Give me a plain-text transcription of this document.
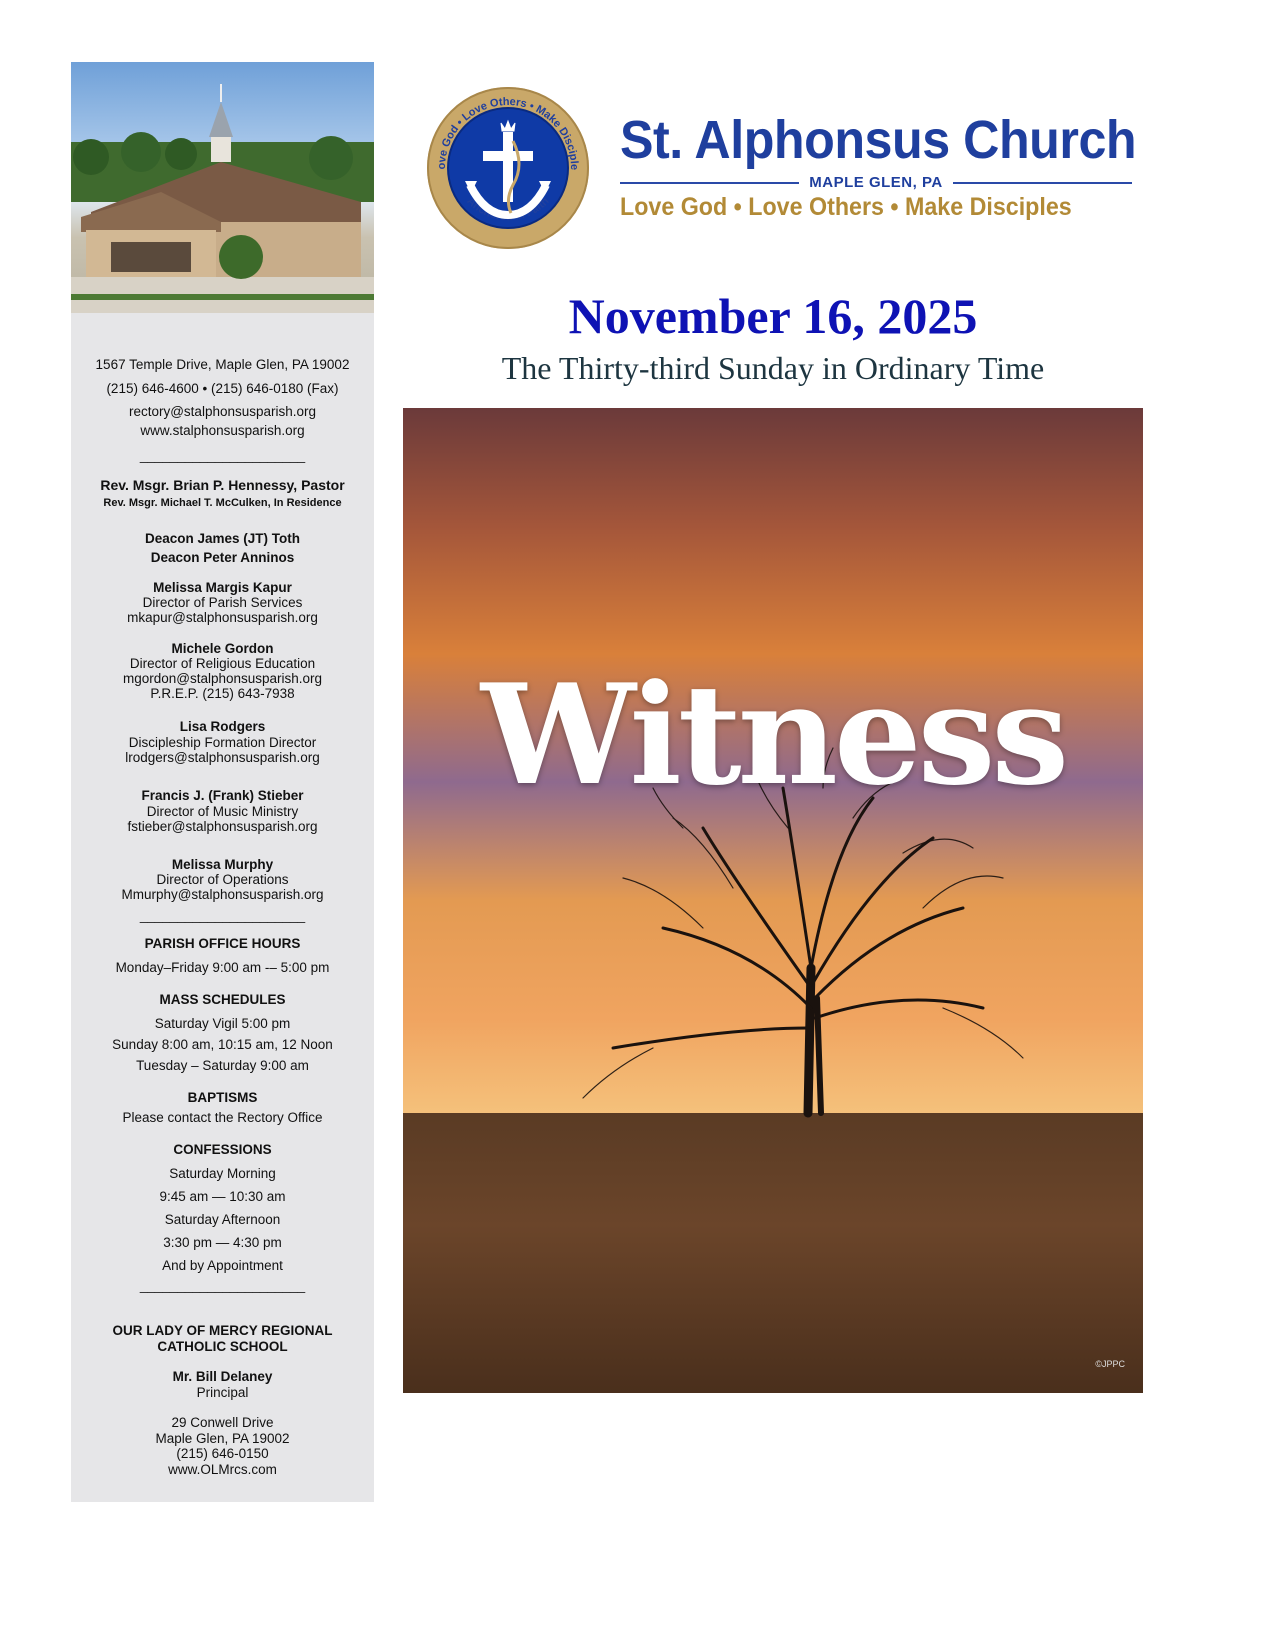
1567 Temple Drive, Maple Glen, PA 19002
(215) 646-4600 • (215) 646-0180 (Fax)
rectory@stalphonsusparish.org
www.stalphonsusparish.org
______________________
Rev. Msgr. Brian P. Hennessy, Pastor
Rev. Msgr. Michael T. McCulken, In Residence
Deacon James (JT) Toth
Deacon Peter Anninos
Melissa Margis Kapur
Director of Parish Services
mkapur@stalphonsusparish.org
Michele Gordon
Director of Religious Education
mgordon@stalphonsusparish.org
P.R.E.P. (215) 643-7938
Lisa Rodgers
Discipleship Formation Director
lrodgers@stalphonsusparish.org
Francis J. (Frank) Stieber
Director of Music Ministry
fstieber@stalphonsusparish.org
Melissa Murphy
Director of Operations
Mmurphy@stalphonsusparish.org
______________________
PARISH OFFICE HOURS
Monday–Friday 9:00 am -– 5:00 pm
MASS SCHEDULES
Saturday Vigil 5:00 pm
Sunday 8:00 am, 10:15 am, 12 Noon
Tuesday – Saturday 9:00 am
BAPTISMS
Please contact the Rectory Office
CONFESSIONS
Saturday Morning
9:45 am — 10:30 am
Saturday Afternoon
3:30 pm — 4:30 pm
And by Appointment
______________________
OUR LADY OF MERCY REGIONAL
CATHOLIC SCHOOL
Mr. Bill Delaney
Principal
29 Conwell Drive
Maple Glen, PA 19002
(215) 646-0150
www.OLMrcs.com
ove God • Love Others • Make Disciple
Anchored in Faith
St. Alphonsus Church
MAPLE GLEN, PA
Love God • Love Others • Make Disciples
November 16, 2025
The Thirty-third Sunday in Ordinary Time
Witness
©JPPC
